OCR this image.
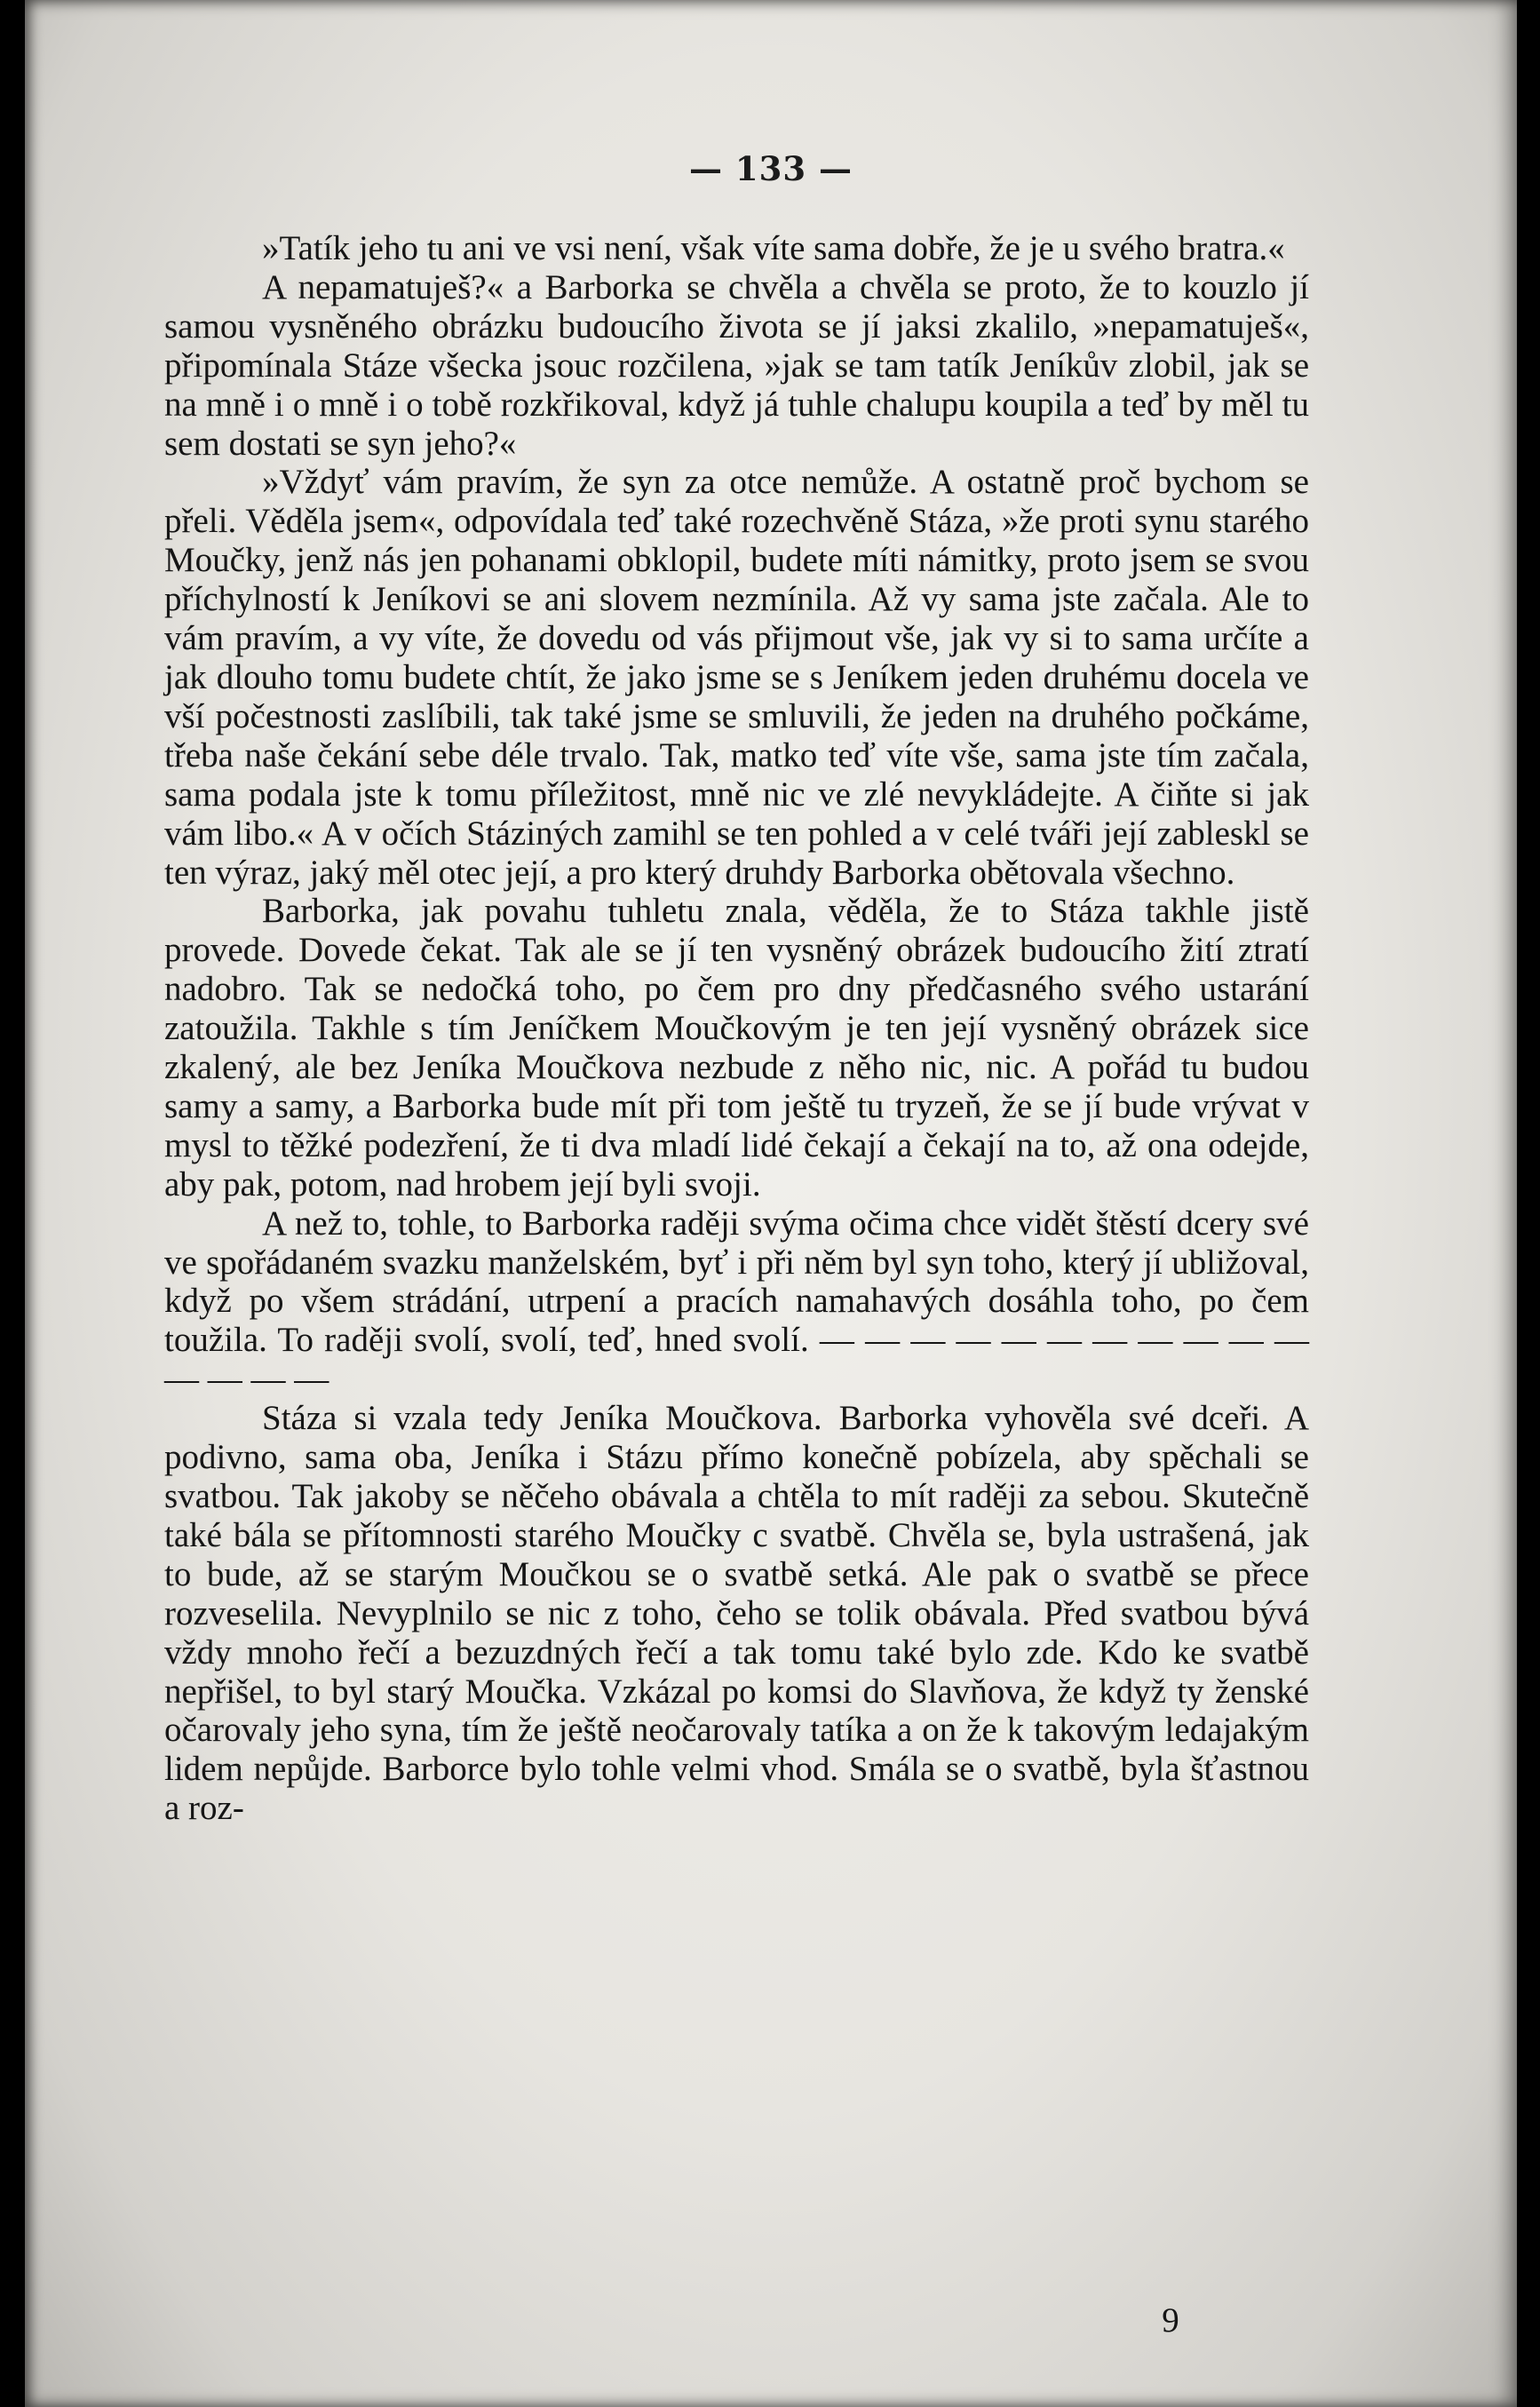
— 133 —

»Tatík jeho tu ani ve vsi není, však víte sama dobře, že je u svého bratra.«

A nepamatuješ?« a Barborka se chvěla a chvěla se proto, že to kouzlo jí samou vysněného obrázku budoucího života se jí jaksi zkalilo, »nepamatuješ«, připomínala Stáze všecka jsouc rozčilena, »jak se tam tatík Jeníkův zlobil, jak se na mně i o mně i o tobě rozkřikoval, když já tuhle chalupu koupila a teď by měl tu sem dostati se syn jeho?«

»Vždyť vám pravím, že syn za otce nemůže. A ostatně proč bychom se přeli. Věděla jsem«, odpovídala teď také rozechvěně Stáza, »že proti synu starého Moučky, jenž nás jen pohanami obklopil, budete míti námitky, proto jsem se svou příchylností k Jeníkovi se ani slovem nezmínila. Až vy sama jste začala. Ale to vám pravím, a vy víte, že dovedu od vás přijmout vše, jak vy si to sama určíte a jak dlouho tomu budete chtít, že jako jsme se s Jeníkem jeden druhému docela ve vší počestnosti zaslíbili, tak také jsme se smluvili, že jeden na druhého počkáme, třeba naše čekání sebe déle trvalo. Tak, matko teď víte vše, sama jste tím začala, sama podala jste k tomu příležitost, mně nic ve zlé nevykládejte. A čiňte si jak vám libo.« A v očích Stáziných zamihl se ten pohled a v celé tváři její zableskl se ten výraz, jaký měl otec její, a pro který druhdy Barborka obětovala všechno.

Barborka, jak povahu tuhletu znala, věděla, že to Stáza takhle jistě provede. Dovede čekat. Tak ale se jí ten vysněný obrázek budoucího žití ztratí nadobro. Tak se nedočká toho, po čem pro dny předčasného svého ustarání zatoužila. Takhle s tím Jeníčkem Moučkovým je ten její vysněný obrázek sice zkalený, ale bez Jeníka Moučkova nezbude z něho nic, nic. A pořád tu budou samy a samy, a Barborka bude mít při tom ještě tu tryzeň, že se jí bude vrývat v mysl to těžké podezření, že ti dva mladí lidé čekají a čekají na to, až ona odejde, aby pak, potom, nad hrobem její byli svoji.

A než to, tohle, to Barborka raději svýma očima chce vidět štěstí dcery své ve spořádaném svazku manželském, byť i při něm byl syn toho, který jí ubližoval, když po všem strádání, utrpení a pracích namahavých dosáhla toho, po čem toužila. To raději svolí, svolí, teď, hned svolí. — — — — — — — — — — — — — — —

Stáza si vzala tedy Jeníka Moučkova. Barborka vyhověla své dceři. A podivno, sama oba, Jeníka i Stázu přímo konečně pobízela, aby spěchali se svatbou. Tak jakoby se něčeho obávala a chtěla to mít raději za sebou. Skutečně také bála se přítomnosti starého Moučky c svatbě. Chvěla se, byla ustrašená, jak to bude, až se starým Moučkou se o svatbě setká. Ale pak o svatbě se přece rozveselila. Nevyplnilo se nic z toho, čeho se tolik obávala. Před svatbou bývá vždy mnoho řečí a bezuzdných řečí a tak tomu také bylo zde. Kdo ke svatbě nepřišel, to byl starý Moučka. Vzkázal po komsi do Slavňova, že když ty ženské očarovaly jeho syna, tím že ještě neočarovaly tatíka a on že k takovým ledajakým lidem nepůjde. Barborce bylo tohle velmi vhod. Smála se o svatbě, byla šťastnou a roz-

9
